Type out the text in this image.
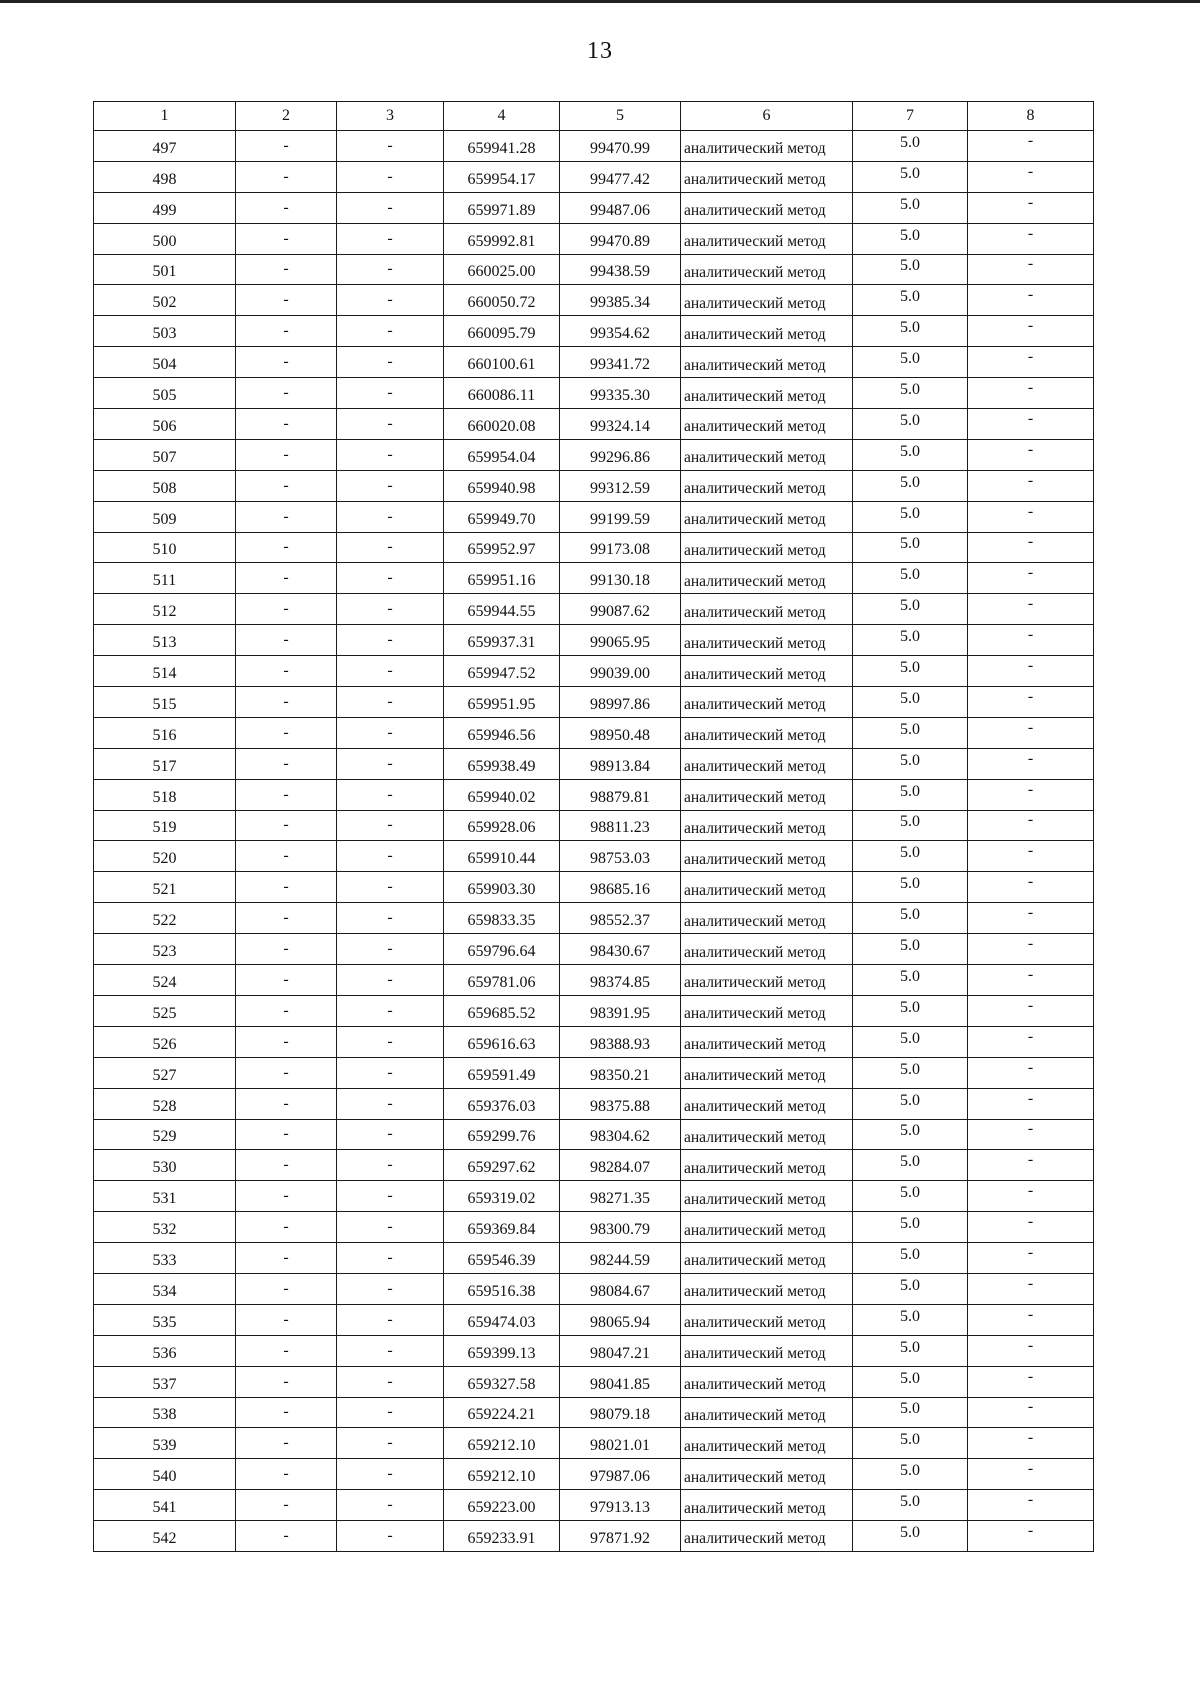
13
1	2	3	4	5	6	7	8
497	-	-	659941.28	99470.99	аналитический метод	5.0	-
498	-	-	659954.17	99477.42	аналитический метод	5.0	-
499	-	-	659971.89	99487.06	аналитический метод	5.0	-
500	-	-	659992.81	99470.89	аналитический метод	5.0	-
501	-	-	660025.00	99438.59	аналитический метод	5.0	-
502	-	-	660050.72	99385.34	аналитический метод	5.0	-
503	-	-	660095.79	99354.62	аналитический метод	5.0	-
504	-	-	660100.61	99341.72	аналитический метод	5.0	-
505	-	-	660086.11	99335.30	аналитический метод	5.0	-
506	-	-	660020.08	99324.14	аналитический метод	5.0	-
507	-	-	659954.04	99296.86	аналитический метод	5.0	-
508	-	-	659940.98	99312.59	аналитический метод	5.0	-
509	-	-	659949.70	99199.59	аналитический метод	5.0	-
510	-	-	659952.97	99173.08	аналитический метод	5.0	-
511	-	-	659951.16	99130.18	аналитический метод	5.0	-
512	-	-	659944.55	99087.62	аналитический метод	5.0	-
513	-	-	659937.31	99065.95	аналитический метод	5.0	-
514	-	-	659947.52	99039.00	аналитический метод	5.0	-
515	-	-	659951.95	98997.86	аналитический метод	5.0	-
516	-	-	659946.56	98950.48	аналитический метод	5.0	-
517	-	-	659938.49	98913.84	аналитический метод	5.0	-
518	-	-	659940.02	98879.81	аналитический метод	5.0	-
519	-	-	659928.06	98811.23	аналитический метод	5.0	-
520	-	-	659910.44	98753.03	аналитический метод	5.0	-
521	-	-	659903.30	98685.16	аналитический метод	5.0	-
522	-	-	659833.35	98552.37	аналитический метод	5.0	-
523	-	-	659796.64	98430.67	аналитический метод	5.0	-
524	-	-	659781.06	98374.85	аналитический метод	5.0	-
525	-	-	659685.52	98391.95	аналитический метод	5.0	-
526	-	-	659616.63	98388.93	аналитический метод	5.0	-
527	-	-	659591.49	98350.21	аналитический метод	5.0	-
528	-	-	659376.03	98375.88	аналитический метод	5.0	-
529	-	-	659299.76	98304.62	аналитический метод	5.0	-
530	-	-	659297.62	98284.07	аналитический метод	5.0	-
531	-	-	659319.02	98271.35	аналитический метод	5.0	-
532	-	-	659369.84	98300.79	аналитический метод	5.0	-
533	-	-	659546.39	98244.59	аналитический метод	5.0	-
534	-	-	659516.38	98084.67	аналитический метод	5.0	-
535	-	-	659474.03	98065.94	аналитический метод	5.0	-
536	-	-	659399.13	98047.21	аналитический метод	5.0	-
537	-	-	659327.58	98041.85	аналитический метод	5.0	-
538	-	-	659224.21	98079.18	аналитический метод	5.0	-
539	-	-	659212.10	98021.01	аналитический метод	5.0	-
540	-	-	659212.10	97987.06	аналитический метод	5.0	-
541	-	-	659223.00	97913.13	аналитический метод	5.0	-
542	-	-	659233.91	97871.92	аналитический метод	5.0	-
